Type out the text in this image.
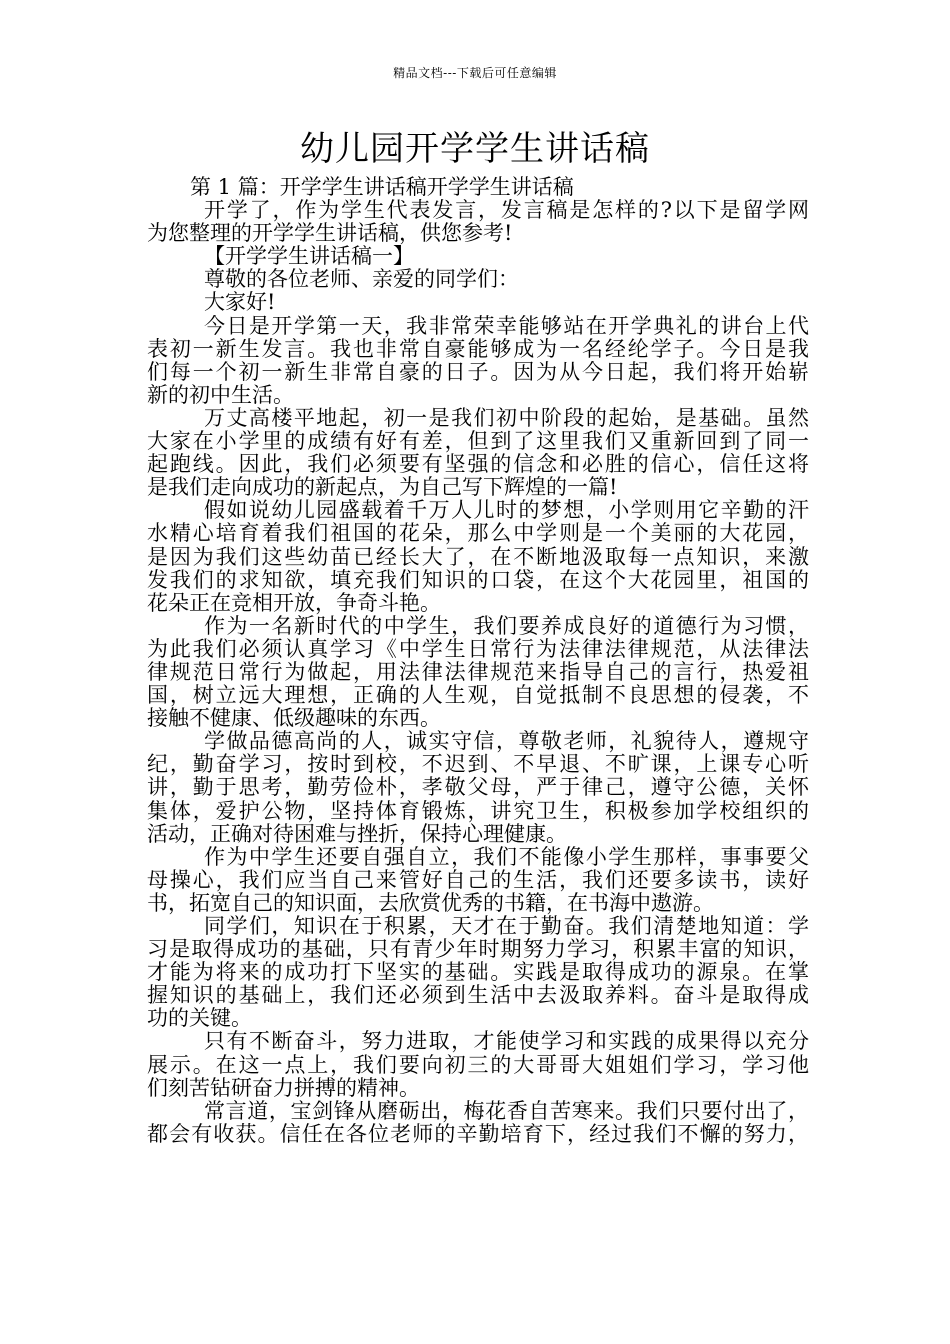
精品文档---下载后可任意编辑
幼儿园开学学生讲话稿
第 1 篇：开学学生讲话稿开学学生讲话稿
开学了，作为学生代表发言，发言稿是怎样的?以下是留学网
为您整理的开学学生讲话稿，供您参考!
【开学学生讲话稿一】
尊敬的各位老师、亲爱的同学们：
大家好!
今日是开学第一天，我非常荣幸能够站在开学典礼的讲台上代
表初一新生发言。我也非常自豪能够成为一名经纶学子。今日是我
们每一个初一新生非常自豪的日子。因为从今日起，我们将开始崭
新的初中生活。
万丈高楼平地起，初一是我们初中阶段的起始，是基础。虽然
大家在小学里的成绩有好有差，但到了这里我们又重新回到了同一
起跑线。因此，我们必须要有坚强的信念和必胜的信心，信任这将
是我们走向成功的新起点，为自己写下辉煌的一篇!
假如说幼儿园盛载着千万人儿时的梦想，小学则用它辛勤的汗
水精心培育着我们祖国的花朵，那么中学则是一个美丽的大花园，
是因为我们这些幼苗已经长大了，在不断地汲取每一点知识，来激
发我们的求知欲，填充我们知识的口袋，在这个大花园里，祖国的
花朵正在竞相开放，争奇斗艳。
作为一名新时代的中学生，我们要养成良好的道德行为习惯，
为此我们必须认真学习《中学生日常行为法律法律规范，从法律法
律规范日常行为做起，用法律法律规范来指导自己的言行，热爱祖
国，树立远大理想，正确的人生观，自觉抵制不良思想的侵袭，不
接触不健康、低级趣味的东西。
学做品德高尚的人，诚实守信，尊敬老师，礼貌待人，遵规守
纪，勤奋学习，按时到校，不迟到、不早退、不旷课，上课专心听
讲，勤于思考，勤劳俭朴，孝敬父母，严于律己，遵守公德，关怀
集体，爱护公物，坚持体育锻炼，讲究卫生，积极参加学校组织的
活动，正确对待困难与挫折，保持心理健康。
作为中学生还要自强自立，我们不能像小学生那样，事事要父
母操心，我们应当自己来管好自己的生活，我们还要多读书，读好
书，拓宽自己的知识面，去欣赏优秀的书籍，在书海中遨游。
同学们，知识在于积累，天才在于勤奋。我们清楚地知道：学
习是取得成功的基础，只有青少年时期努力学习，积累丰富的知识，
才能为将来的成功打下坚实的基础。实践是取得成功的源泉。在掌
握知识的基础上，我们还必须到生活中去汲取养料。奋斗是取得成
功的关键。
只有不断奋斗，努力进取，才能使学习和实践的成果得以充分
展示。在这一点上，我们要向初三的大哥哥大姐姐们学习，学习他
们刻苦钻研奋力拼搏的精神。
常言道，宝剑锋从磨砺出，梅花香自苦寒来。我们只要付出了，
都会有收获。信任在各位老师的辛勤培育下，经过我们不懈的努力，
